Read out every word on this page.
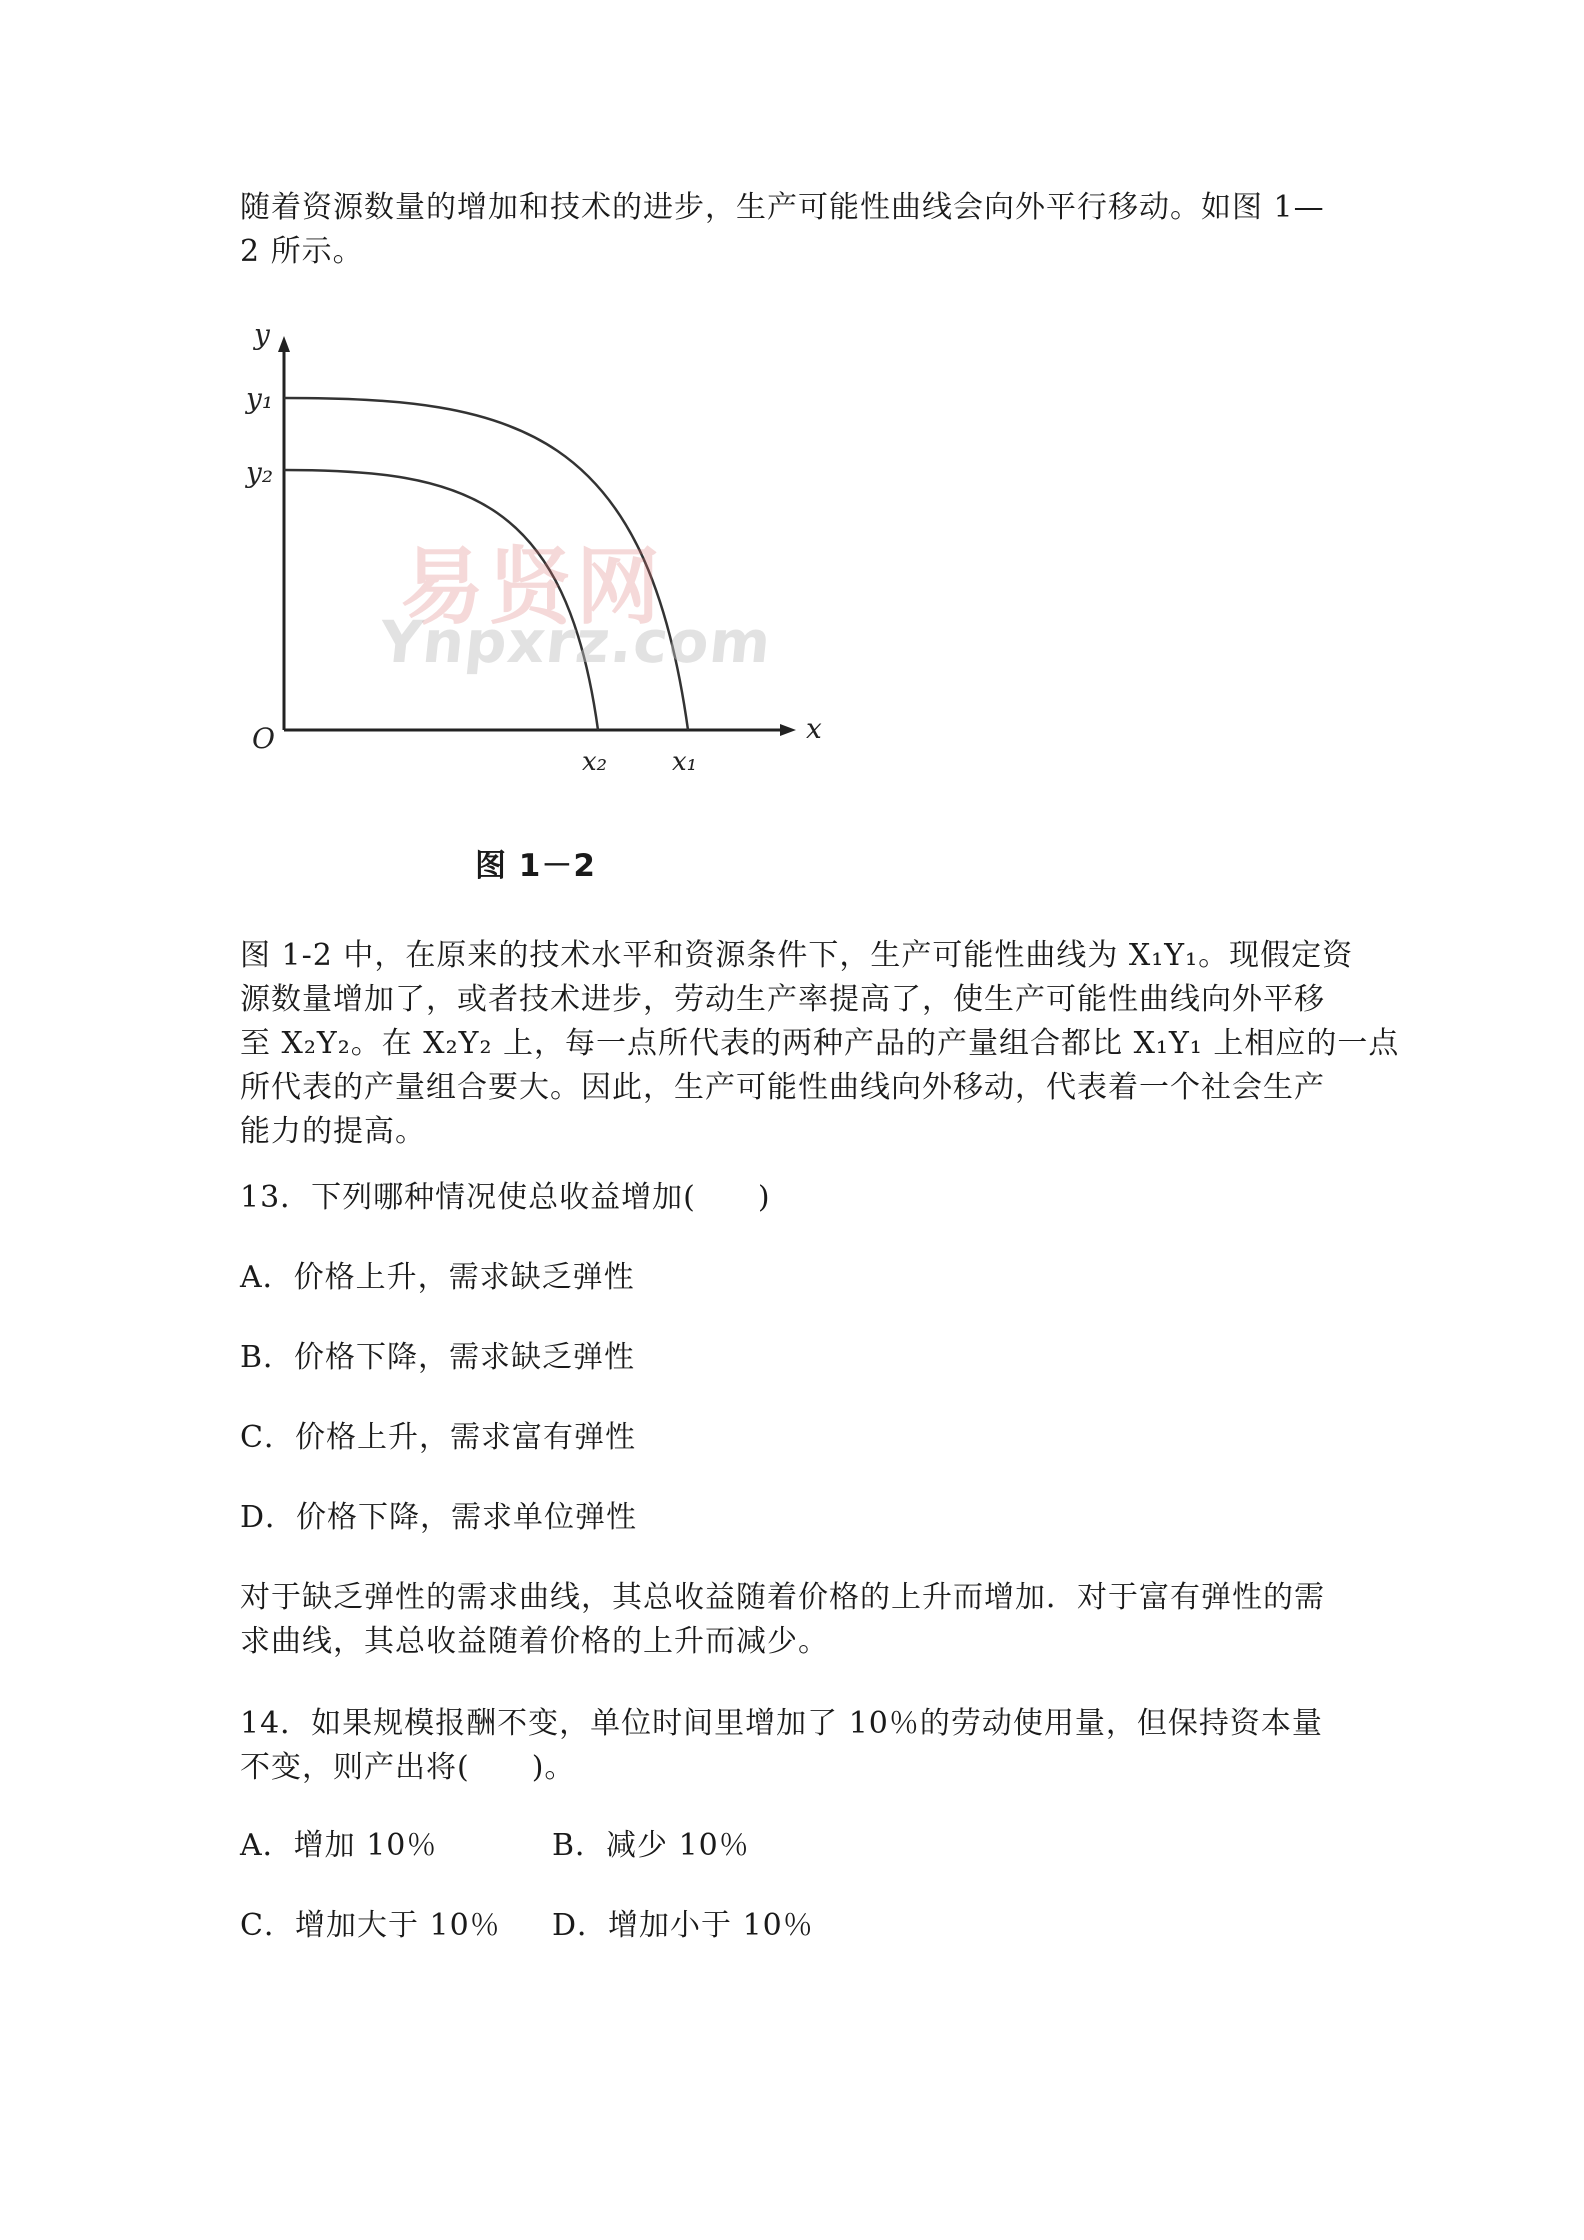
随着资源数量的增加和技术的进步，生产可能性曲线会向外平行移动。如图 1—
2 所示。
y
x
O
y₁
y₂
x₂ x₁
易贤网
Ynpxrz.com
图 1－2
图 1-2 中，在原来的技术水平和资源条件下，生产可能性曲线为 X₁Y₁。现假定资
源数量增加了，或者技术进步，劳动生产率提高了，使生产可能性曲线向外平移
至 X₂Y₂。在 X₂Y₂ 上，每一点所代表的两种产品的产量组合都比 X₁Y₁ 上相应的一点
所代表的产量组合要大。因此，生产可能性曲线向外移动，代表着一个社会生产
能力的提高。
13．下列哪种情况使总收益增加(　　)
A．价格上升，需求缺乏弹性
B．价格下降，需求缺乏弹性
C．价格上升，需求富有弹性
D．价格下降，需求单位弹性
对于缺乏弹性的需求曲线，其总收益随着价格的上升而增加．对于富有弹性的需
求曲线，其总收益随着价格的上升而减少。
14．如果规模报酬不变，单位时间里增加了 10％的劳动使用量，但保持资本量
不变，则产出将(　　)。
A．增加 10％	B．减少 10％
C．增加大于 10％ D．增加小于 10％
